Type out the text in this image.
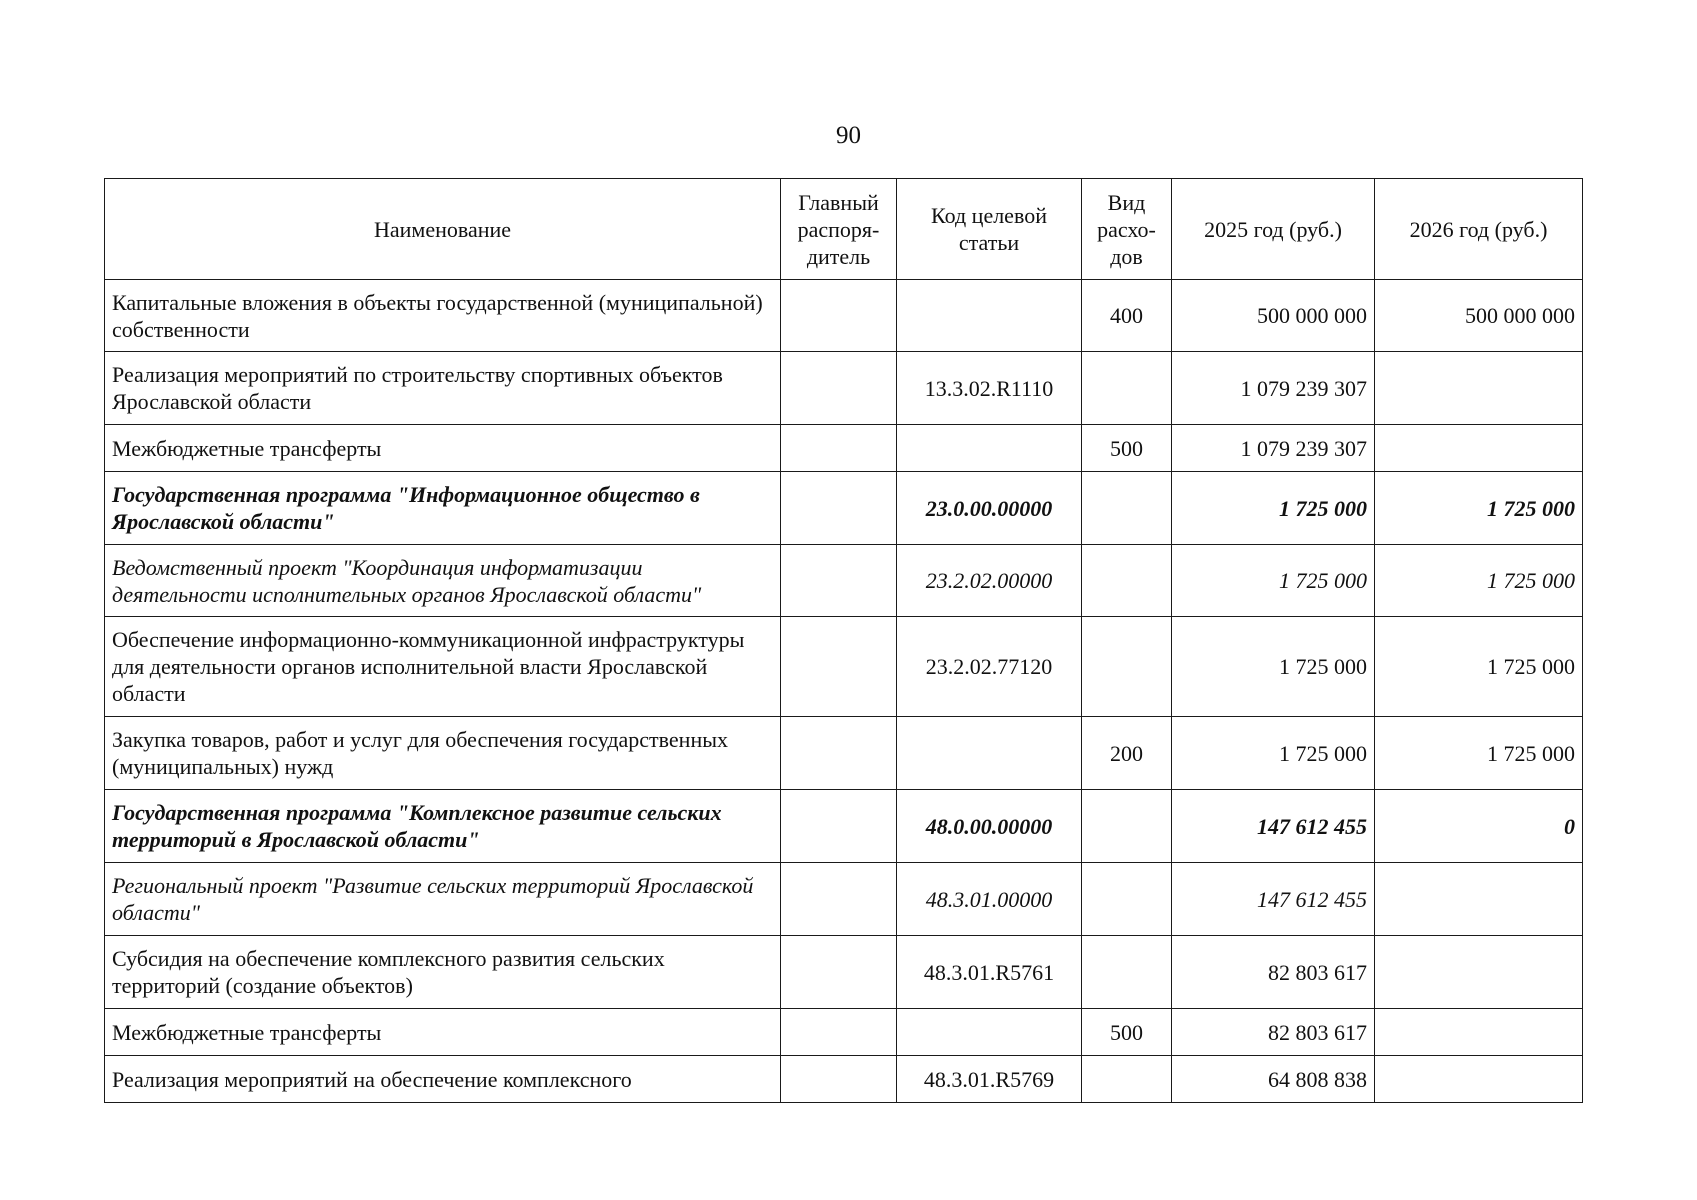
90
Наименование	Главный распоря-дитель	Код целевой статьи	Вид расхо-дов	2025 год (руб.)	2026 год (руб.)
Капитальные вложения в объекты государственной (муниципальной) собственности			400	500 000 000	500 000 000
Реализация мероприятий по строительству спортивных объектов Ярославской области		13.3.02.R1110		1 079 239 307	
Межбюджетные трансферты			500	1 079 239 307	
Государственная программа "Информационное общество в Ярославской области"		23.0.00.00000		1 725 000	1 725 000
Ведомственный проект "Координация информатизации деятельности исполнительных органов Ярославской области"		23.2.02.00000		1 725 000	1 725 000
Обеспечение информационно-коммуникационной инфраструктуры для деятельности органов исполнительной власти Ярославской области		23.2.02.77120		1 725 000	1 725 000
Закупка товаров, работ и услуг для обеспечения государственных (муниципальных) нужд			200	1 725 000	1 725 000
Государственная программа "Комплексное развитие сельских территорий в Ярославской области"		48.0.00.00000		147 612 455	0
Региональный проект "Развитие сельских территорий Ярославской области"		48.3.01.00000		147 612 455	
Субсидия на обеспечение комплексного развития сельских территорий (создание объектов)		48.3.01.R5761		82 803 617	
Межбюджетные трансферты			500	82 803 617	
Реализация мероприятий на обеспечение комплексного		48.3.01.R5769		64 808 838	
